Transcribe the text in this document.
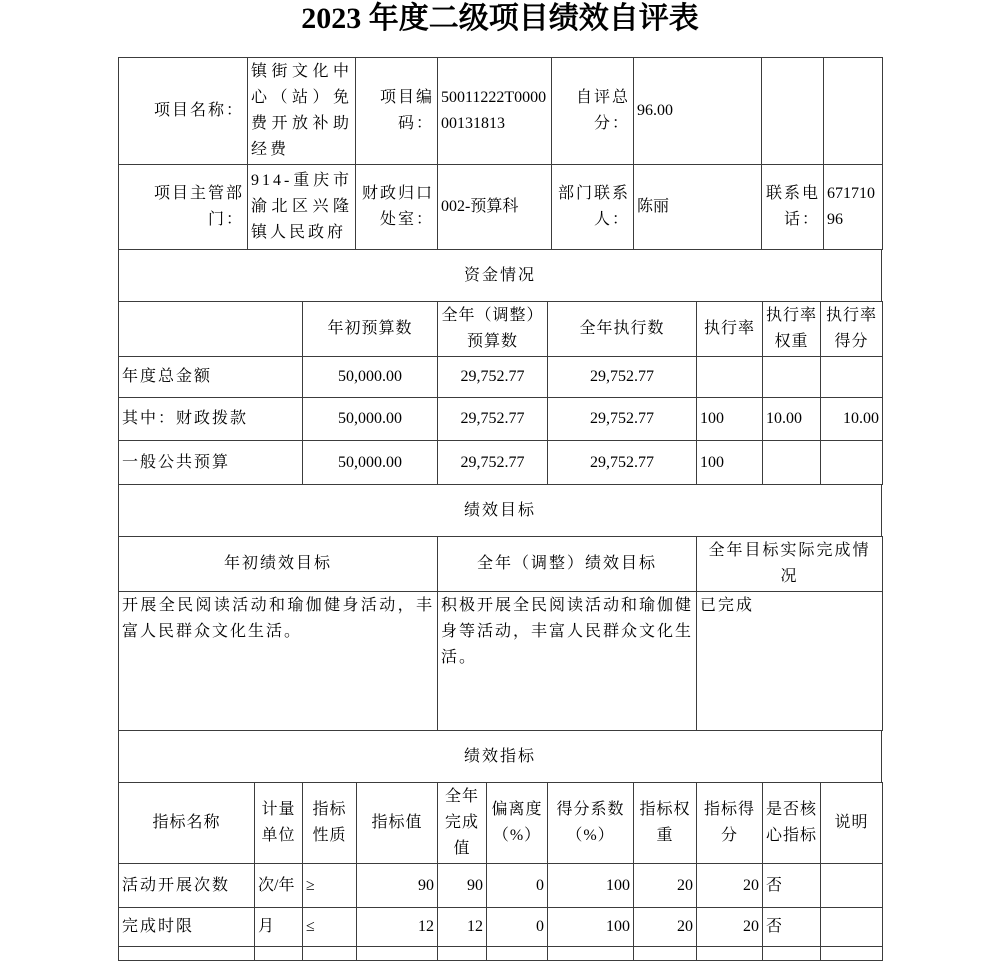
2023 年度二级项目绩效自评表
项目名称：	镇街文化中心（站）免费开放补助经费	项目编码：	50011222T000000131813	自评总分：	96.00		
项目主管部门：	914-重庆市渝北区兴隆镇人民政府	财政归口处室：	002-预算科	部门联系人：	陈丽	联系电话：	67171096
资金情况
	年初预算数	全年（调整）预算数	全年执行数	执行率	执行率权重	执行率得分
年度总金额	50,000.00	29,752.77	29,752.77			
其中：财政拨款	50,000.00	29,752.77	29,752.77	100	10.00	10.00
一般公共预算	50,000.00	29,752.77	29,752.77	100		
绩效目标
年初绩效目标	全年（调整）绩效目标	全年目标实际完成情况
开展全民阅读活动和瑜伽健身活动，丰富人民群众文化生活。	积极开展全民阅读活动和瑜伽健身等活动，丰富人民群众文化生活。	已完成
绩效指标
指标名称	计量单位	指标性质	指标值	全年完成值	偏离度（%）	得分系数（%）	指标权重	指标得分	是否核心指标	说明
活动开展次数	次/年	≥	90	90	0	100	20	20	否	
完成时限	月	≤	12	12	0	100	20	20	否	
